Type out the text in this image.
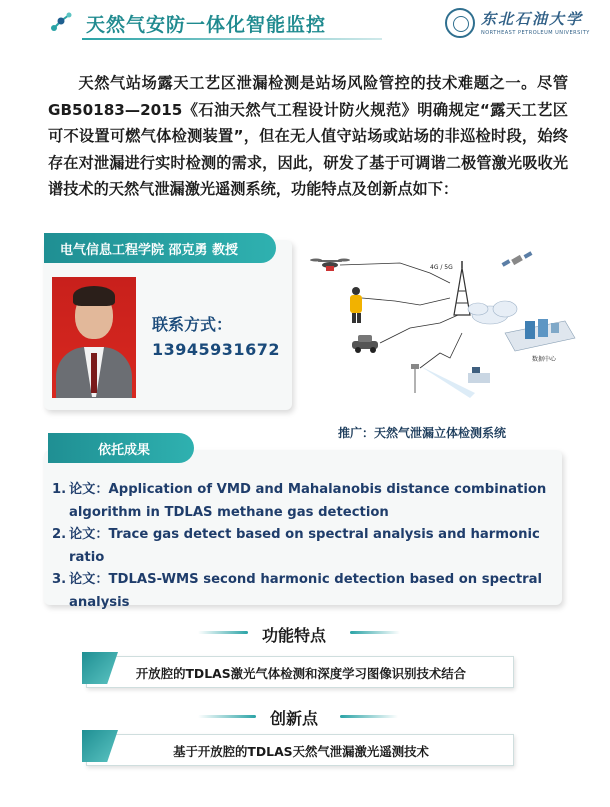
天然气安防一体化智能监控	东北石油大学
NORTHEAST PETROLEUM UNIVERSITY

天然气站场露天工艺区泄漏检测是站场风险管控的技术难题之一。尽管GB50183—2015《石油天然气工程设计防火规范》明确规定“露天工艺区可不设置可燃气体检测装置”，但在无人值守站场或站场的非巡检时段，始终存在对泄漏进行实时检测的需求，因此，研发了基于可调谐二极管激光吸收光谱技术的天然气泄漏激光遥测系统，功能特点及创新点如下：

电气信息工程学院 邵克勇 教授
联系方式：
13945931672
4G / 5G
数据中心
推广：天然气泄漏立体检测系统
依托成果
1. 论文：Application of VMD and Mahalanobis distance combination algorithm in TDLAS methane gas detection
2. 论文：Trace gas detect based on spectral analysis and harmonic ratio
3. 论文：TDLAS-WMS second harmonic detection based on spectral analysis
功能特点
开放腔的TDLAS激光气体检测和深度学习图像识别技术结合
创新点
基于开放腔的TDLAS天然气泄漏激光遥测技术
